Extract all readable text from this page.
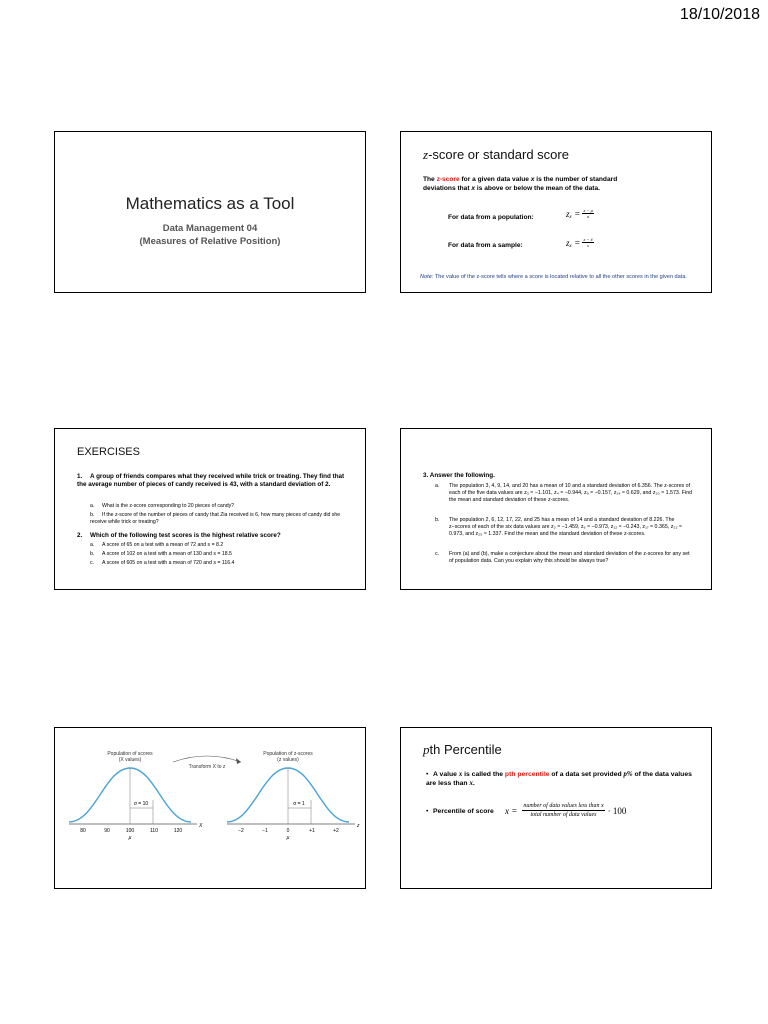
18/10/2018
Mathematics as a Tool
Data Management 04
(Measures of Relative Position)
z-score or standard score
The z-score for a given data value x is the number of standard deviations that x is above or below the mean of the data.
For data from a population:	$z_x = \frac{x - \mu}{\sigma}$
For data from a sample:	$z_x = \frac{x - x̄}{s}$
Note: The value of the z-score tells where a score is located relative to all the other scores in the given data.
EXERCISES
1. A group of friends compares what they received while trick or treating. They find that the average number of pieces of candy received is 43, with a standard deviation of 2.
a. What is the z-score corresponding to 20 pieces of candy?
b. If the z-score of the number of pieces of candy that Zia received is 6, how many pieces of candy did she receive while trick or treating?
2. Which of the following test scores is the highest relative score?
a. A score of 65 on a test with a mean of 72 and s = 8.2
b. A score of 102 on a test with a mean of 130 and s = 18.5
c. A score of 605 on a test with a mean of 720 and s = 116.4
3. Answer the following.
a. The population 3, 4, 9, 14, and 20 has a mean of 10 and a standard deviation of 6.356. The z-scores of each of the five data values are z₃ ≈ −1.101, z₄ ≈ −0.944, z₉ ≈ −0.157, z₁₄ ≈ 0.629, and z₂₀ ≈ 1.573. Find the mean and standard deviation of these z-scores.
b. The population 2, 6, 12, 17, 22, and 25 has a mean of 14 and a standard deviation of 8.226. The z−scores of each of the six data values are z₂ ≈ −1.459, z₆ ≈ −0.973, z₁₂ ≈ −0.243, z₁₇ ≈ 0.365, z₂₂ ≈ 0.973, and z₂₅ ≈ 1.337. Find the mean and the standard deviation of these z-scores.
c. From (a) and (b), make a conjecture about the mean and standard deviation of the z-scores for any set of population data. Can you explain why this should be always true?
Population of scores
(X values)
σ = 10
80	90	100	110	120
X
μ
Transform X to z
Population of z-scores
(z values)
σ = 1
−2	−1	0	+1	+2
z
μ
pth Percentile
• A value x is called the pth percentile of a data set provided p% of the data values are less than x.
• Percentile of score	$x = \frac{\text{number of data values less than x}}{\text{total number of data values}} \cdot 100$
